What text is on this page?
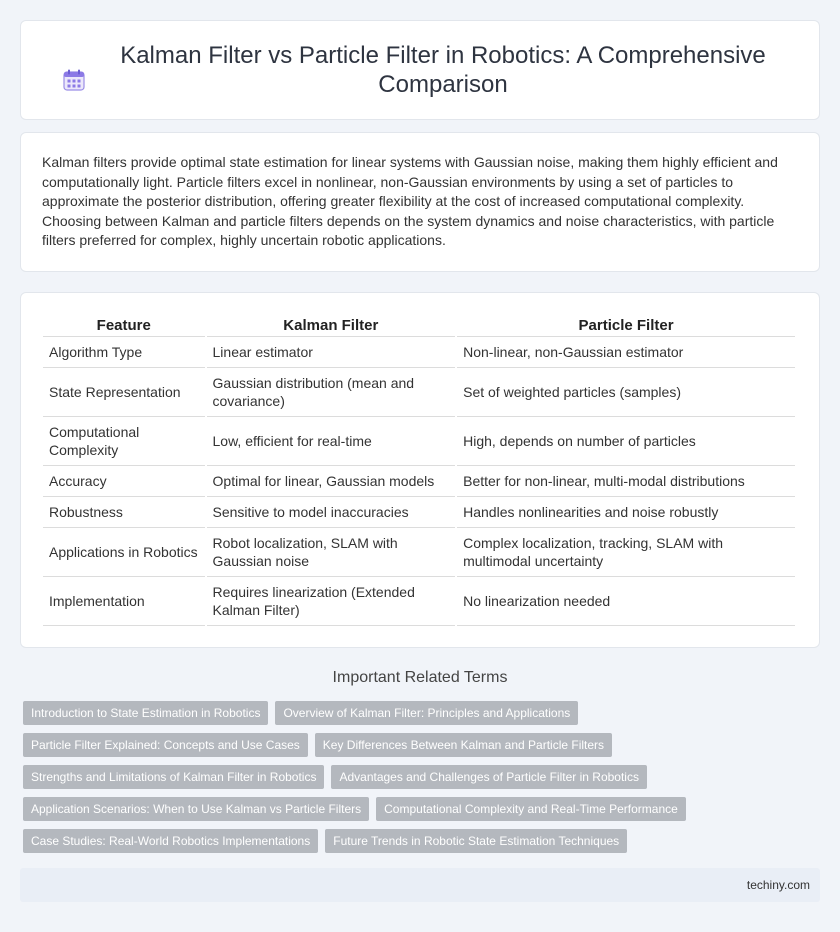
Kalman Filter vs Particle Filter in Robotics: A Comprehensive Comparison

Kalman filters provide optimal state estimation for linear systems with Gaussian noise, making them highly efficient and computationally light. Particle filters excel in nonlinear, non-Gaussian environments by using a set of particles to approximate the posterior distribution, offering greater flexibility at the cost of increased computational complexity. Choosing between Kalman and particle filters depends on the system dynamics and noise characteristics, with particle filters preferred for complex, highly uncertain robotic applications.

Feature	Kalman Filter	Particle Filter
Algorithm Type	Linear estimator	Non-linear, non-Gaussian estimator
State Representation	Gaussian distribution (mean and covariance)	Set of weighted particles (samples)
Computational Complexity	Low, efficient for real-time	High, depends on number of particles
Accuracy	Optimal for linear, Gaussian models	Better for non-linear, multi-modal distributions
Robustness	Sensitive to model inaccuracies	Handles nonlinearities and noise robustly
Applications in Robotics	Robot localization, SLAM with Gaussian noise	Complex localization, tracking, SLAM with multimodal uncertainty
Implementation	Requires linearization (Extended Kalman Filter)	No linearization needed
Important Related Terms
Introduction to State Estimation in Robotics	Overview of Kalman Filter: Principles and Applications
Particle Filter Explained: Concepts and Use Cases	Key Differences Between Kalman and Particle Filters
Strengths and Limitations of Kalman Filter in Robotics	Advantages and Challenges of Particle Filter in Robotics
Application Scenarios: When to Use Kalman vs Particle Filters	Computational Complexity and Real-Time Performance
Case Studies: Real-World Robotics Implementations	Future Trends in Robotic State Estimation Techniques
techiny.com
